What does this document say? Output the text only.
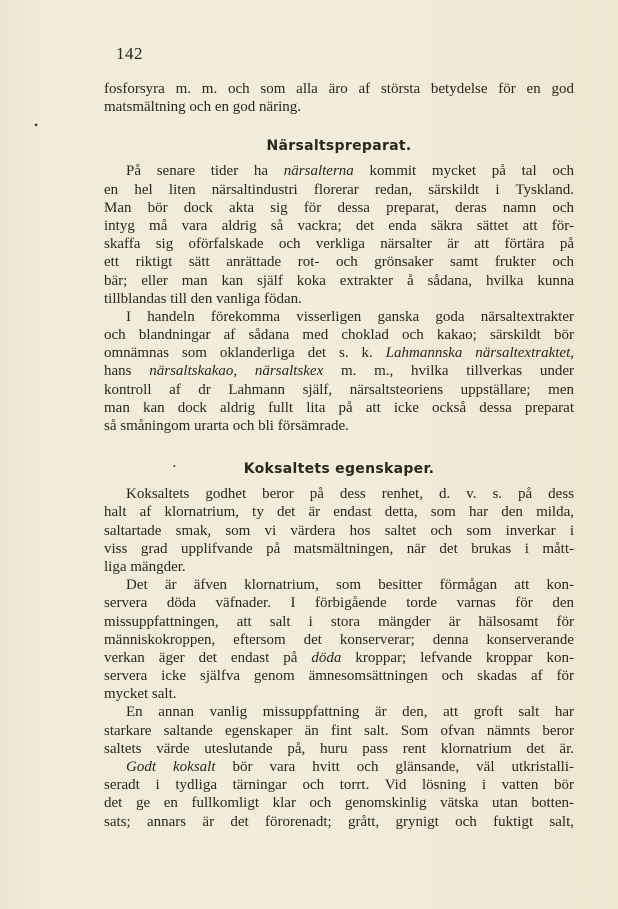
142
•
•
fosforsyra m. m. och som alla äro af största betydelse för en god
matsmältning och en god näring.
Närsaltspreparat.
På senare tider ha närsalterna kommit mycket på tal och
en hel liten närsaltindustri florerar redan, särskildt i Tyskland.
Man bör dock akta sig för dessa preparat, deras namn och
intyg må vara aldrig så vackra; det enda säkra sättet att för-
skaffa sig oförfalskade och verkliga närsalter är att förtära på
ett riktigt sätt anrättade rot- och grönsaker samt frukter och
bär; eller man kan själf koka extrakter å sådana, hvilka kunna
tillblandas till den vanliga födan.
I handeln förekomma visserligen ganska goda närsaltextrakter
och blandningar af sådana med choklad och kakao; särskildt bör
omnämnas som oklanderliga det s. k. Lahmannska närsaltextraktet,
hans närsaltskakao, närsaltskex m. m., hvilka tillverkas under
kontroll af dr Lahmann själf, närsaltsteoriens uppställare; men
man kan dock aldrig fullt lita på att icke också dessa preparat
så småningom urarta och bli försämrade.
Koksaltets egenskaper.
Koksaltets godhet beror på dess renhet, d. v. s. på dess
halt af klornatrium, ty det är endast detta, som har den milda,
saltartade smak, som vi värdera hos saltet och som inverkar i
viss grad upplifvande på matsmältningen, när det brukas i mått-
liga mängder.
Det är äfven klornatrium, som besitter förmågan att kon-
servera döda väfnader. I förbigående torde varnas för den
missuppfattningen, att salt i stora mängder är hälsosamt för
människokroppen, eftersom det konserverar; denna konserverande
verkan äger det endast på döda kroppar; lefvande kroppar kon-
servera icke själfva genom ämnesomsättningen och skadas af för
mycket salt.
En annan vanlig missuppfattning är den, att groft salt har
starkare saltande egenskaper än fint salt. Som ofvan nämnts beror
saltets värde uteslutande på, huru pass rent klornatrium det är.
Godt koksalt bör vara hvitt och glänsande, väl utkristalli-
seradt i tydliga tärningar och torrt. Vid lösning i vatten bör
det ge en fullkomligt klar och genomskinlig vätska utan botten-
sats; annars är det förorenadt; grått, grynigt och fuktigt salt,
